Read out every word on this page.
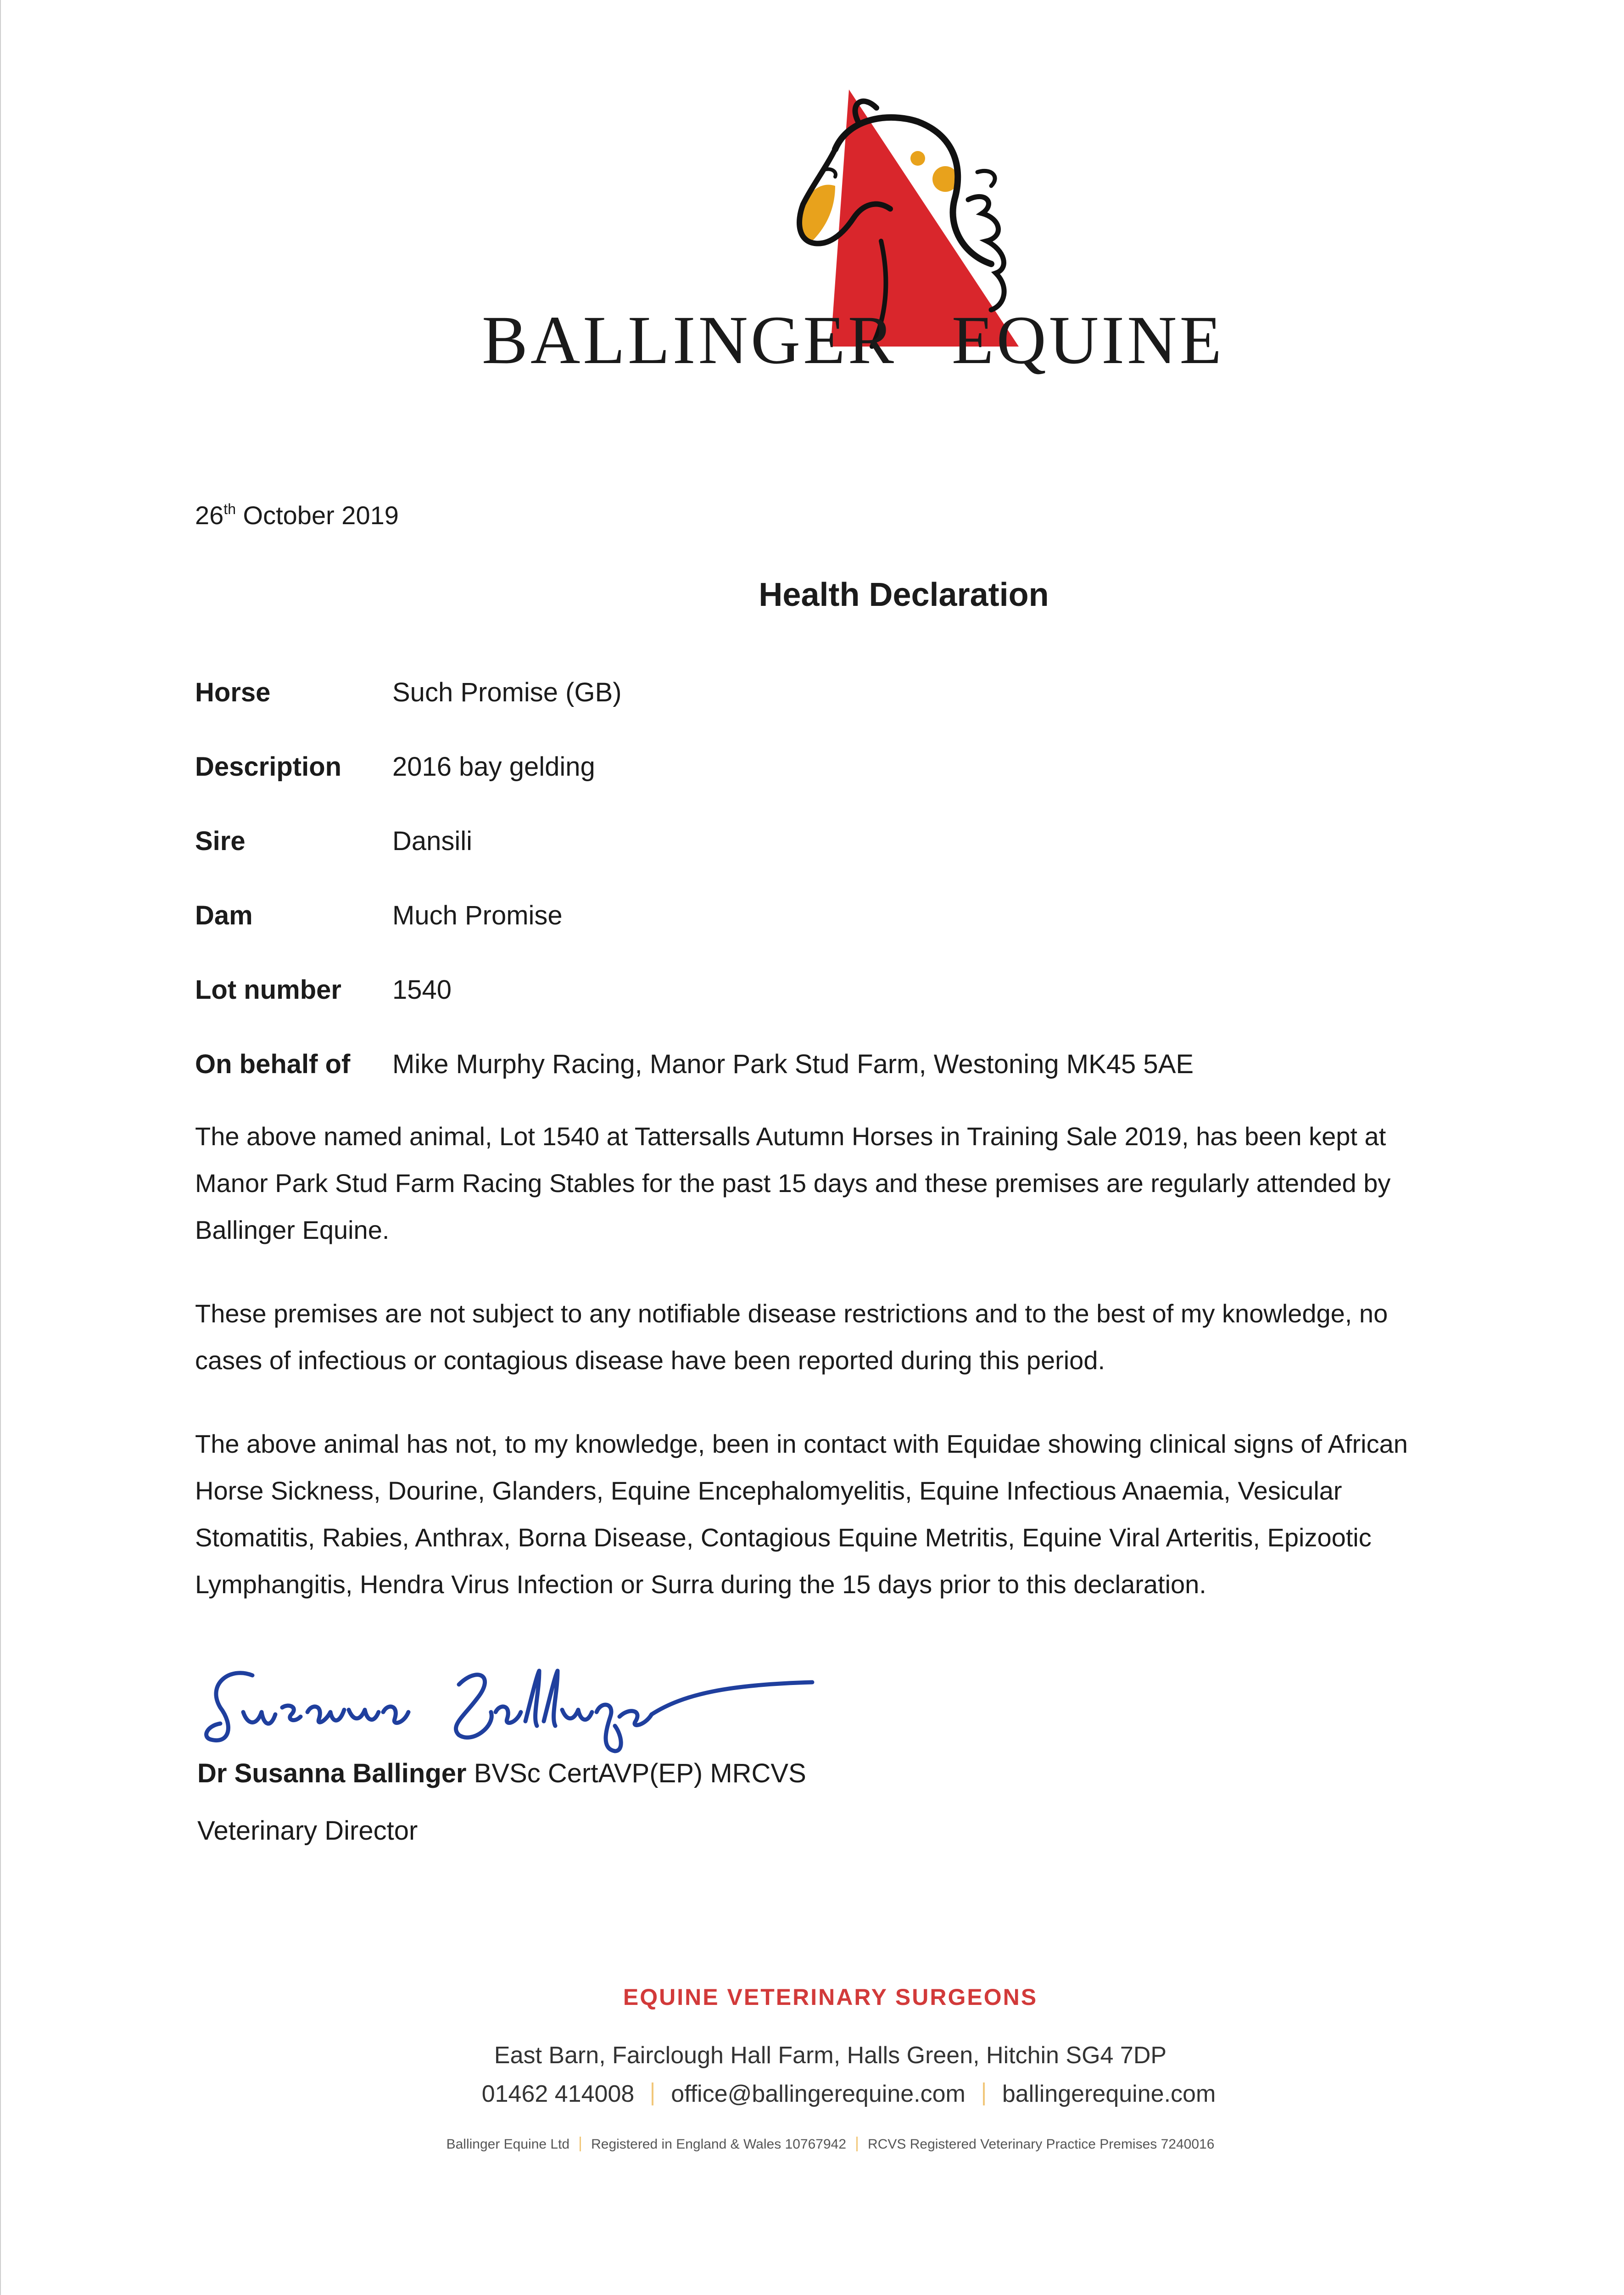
BALLINGER EQUINE
26th October 2019
Health Declaration
Horse	Such Promise (GB)
Description	2016 bay gelding
Sire	Dansili
Dam	Much Promise
Lot number	1540
On behalf of	Mike Murphy Racing, Manor Park Stud Farm, Westoning MK45 5AE

The above named animal, Lot 1540 at Tattersalls Autumn Horses in Training Sale 2019, has been kept at Manor Park Stud Farm Racing Stables for the past 15 days and these premises are regularly attended by Ballinger Equine.

These premises are not subject to any notifiable disease restrictions and to the best of my knowledge, no cases of infectious or contagious disease have been reported during this period.

The above animal has not, to my knowledge, been in contact with Equidae showing clinical signs of African Horse Sickness, Dourine, Glanders, Equine Encephalomyelitis, Equine Infectious Anaemia, Vesicular Stomatitis, Rabies, Anthrax, Borna Disease, Contagious Equine Metritis, Equine Viral Arteritis, Epizootic Lymphangitis, Hendra Virus Infection or Surra during the 15 days prior to this declaration.

Dr Susanna Ballinger BVSc CertAVP(EP) MRCVS
Veterinary Director
EQUINE VETERINARY SURGEONS
East Barn, Fairclough Hall Farm, Halls Green, Hitchin SG4 7DP
01462 414008 office@ballingerequine.com ballingerequine.com
Ballinger Equine Ltd Registered in England & Wales 10767942 RCVS Registered Veterinary Practice Premises 7240016
